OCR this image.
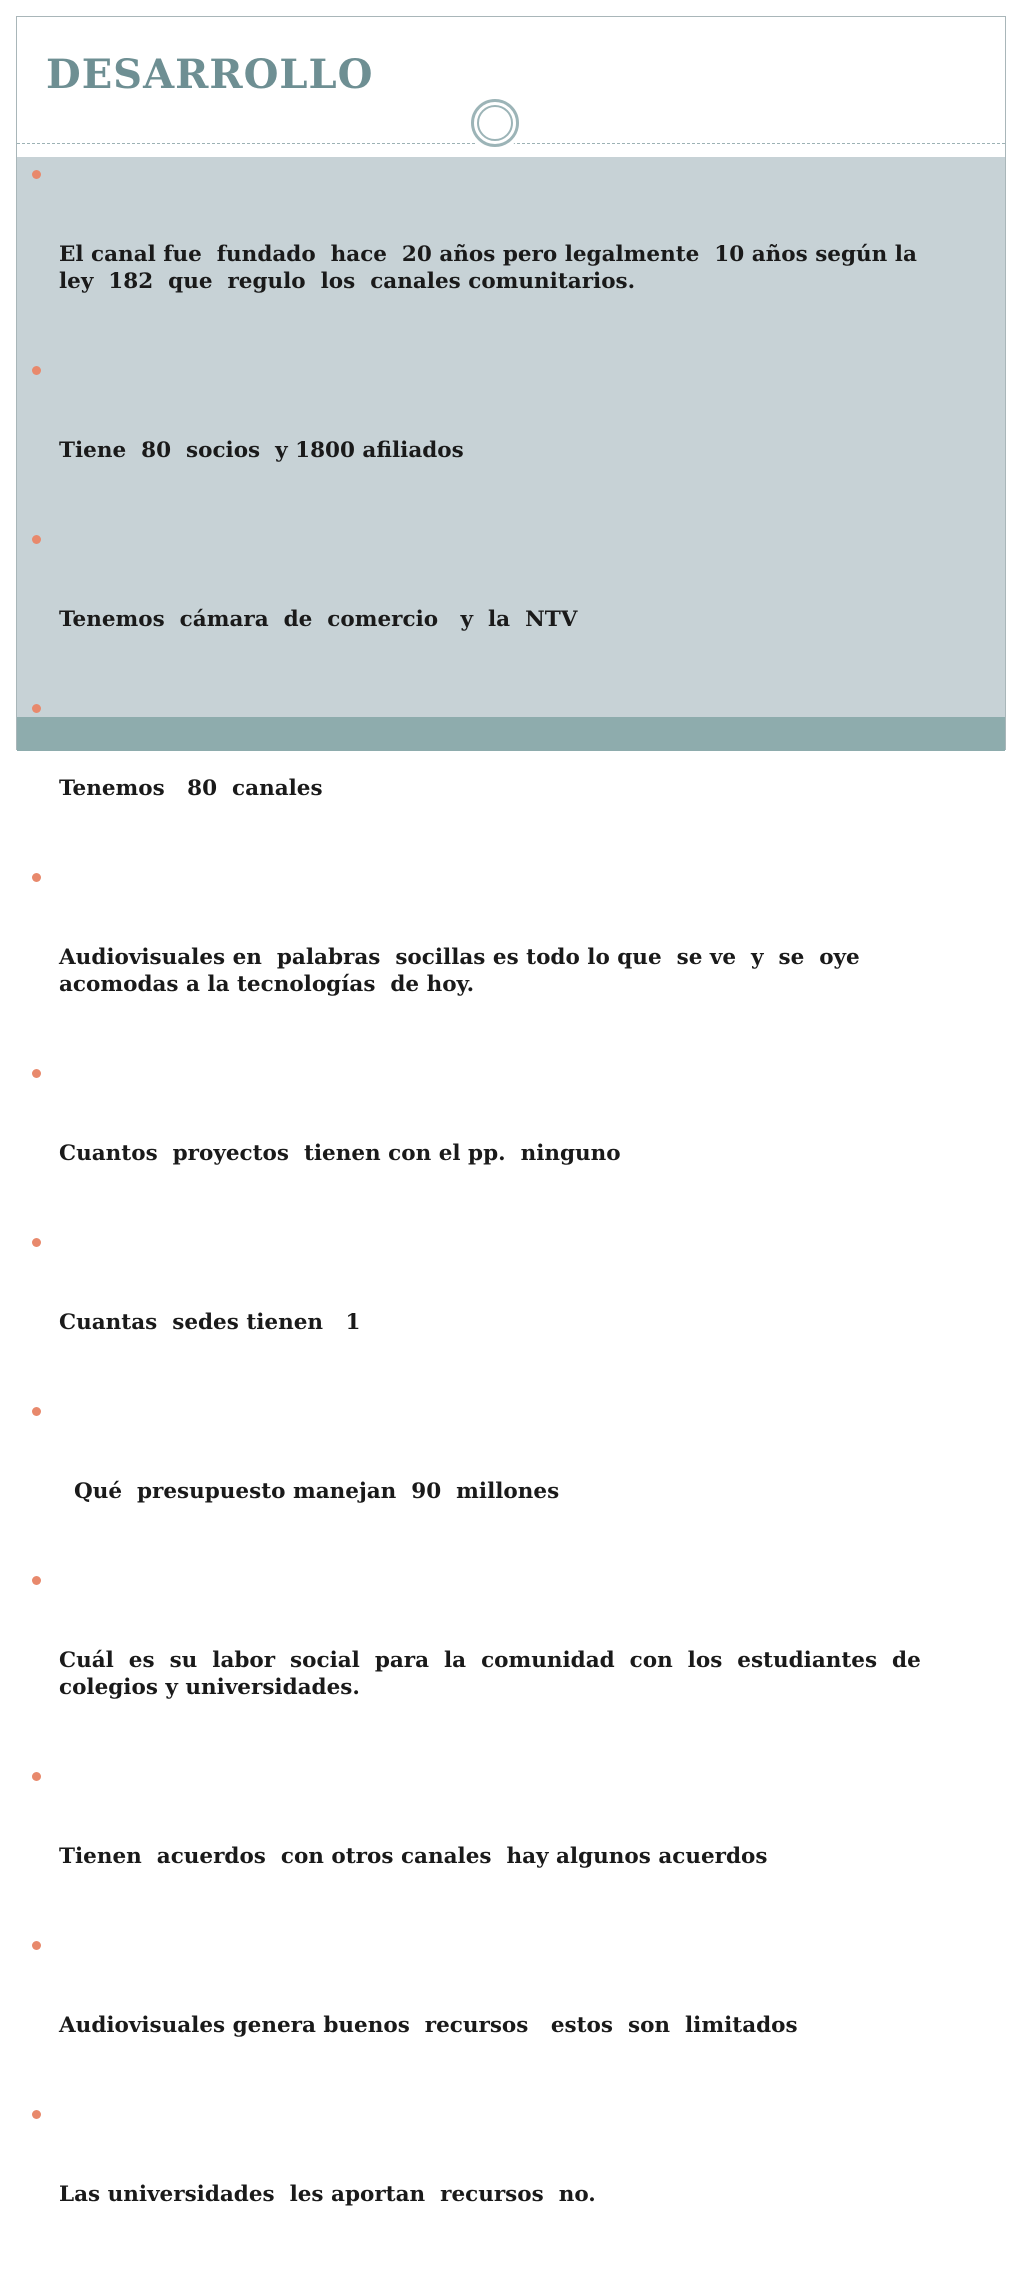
DESARROLLO

El canal fue  fundado  hace  20 años pero legalmente  10 años según la  ley  182  que  regulo  los  canales comunitarios.

Tiene  80  socios  y 1800 afiliados

Tenemos  cámara  de  comercio   y  la  NTV

Tenemos   80  canales

Audiovisuales en  palabras  socillas es todo lo que  se ve  y  se  oye  acomodas a la tecnologías  de hoy.

Cuantos  proyectos  tienen con el pp.  ninguno

Cuantas  sedes tienen   1

Qué  presupuesto manejan  90  millones

Cuál  es  su  labor  social  para  la  comunidad  con  los  estudiantes  de  colegios y universidades.

Tienen  acuerdos  con otros canales  hay algunos acuerdos

Audiovisuales genera buenos  recursos   estos  son  limitados

Las universidades  les aportan  recursos  no.
